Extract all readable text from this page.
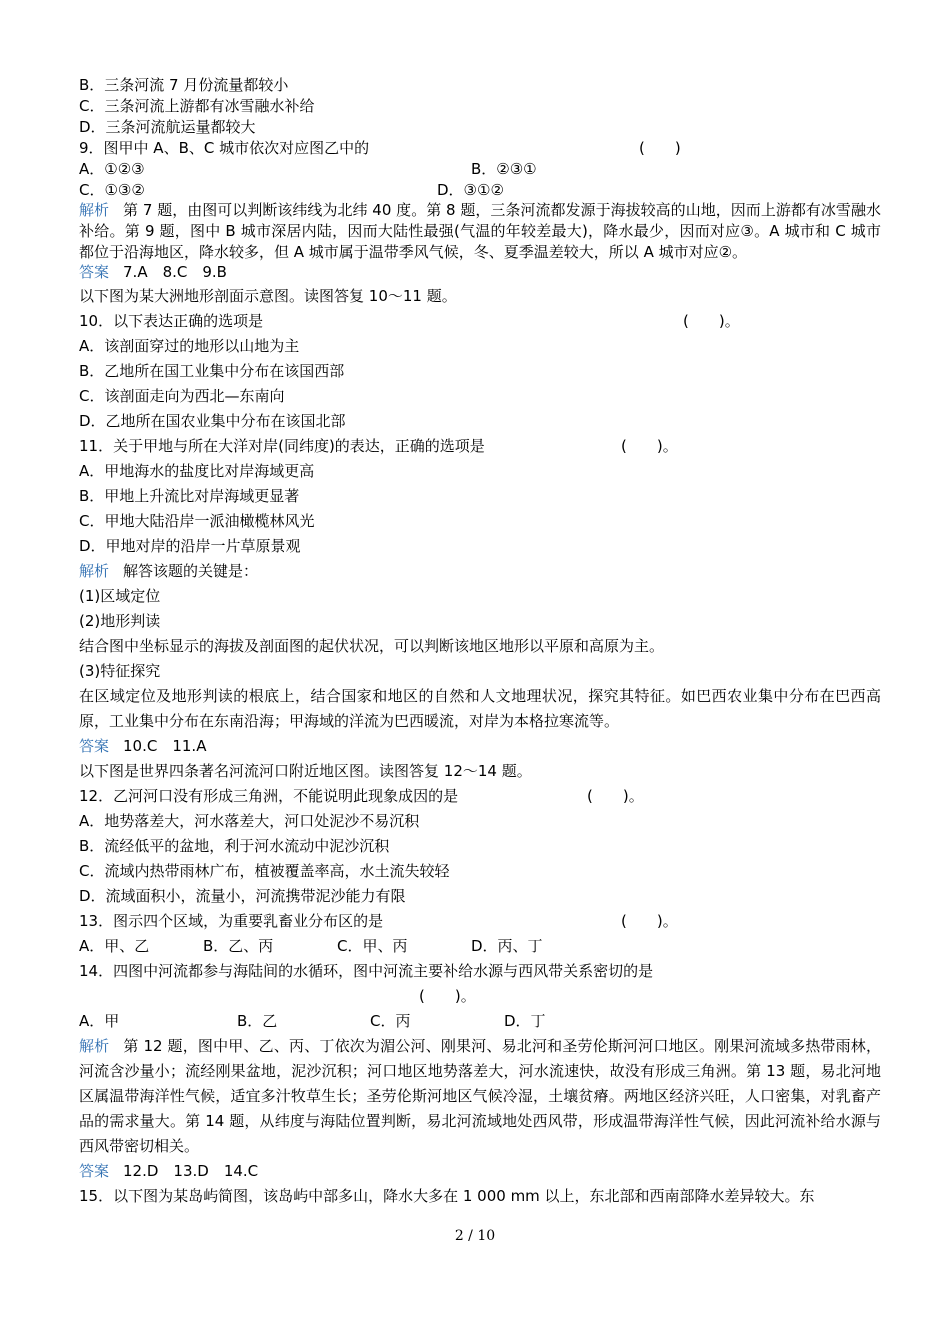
B．三条河流 7 月份流量都较小
C．三条河流上游都有冰雪融水补给
D．三条河流航运量都较大
9．图甲中 A、B、C 城市依次对应图乙中的	(　　)
A．①②③	B．②③①
C．①③②	D．③①②
解析 第 7 题，由图可以判断该纬线为北纬 40 度。第 8 题，三条河流都发源于海拔较高的山地，因而上游都有冰雪融水补给。第 9 题，图中 B 城市深居内陆，因而大陆性最强(气温的年较差最大)，降水最少，因而对应③。A 城市和 C 城市都位于沿海地区，降水较多，但 A 城市属于温带季风气候，冬、夏季温差较大，所以 A 城市对应②。
答案 7.A　8.C　9.B
以下图为某大洲地形剖面示意图。读图答复 10～11 题。
10．以下表达正确的选项是	(　　)。
A．该剖面穿过的地形以山地为主
B．乙地所在国工业集中分布在该国西部
C．该剖面走向为西北—东南向
D．乙地所在国农业集中分布在该国北部
11．关于甲地与所在大洋对岸(同纬度)的表达，正确的选项是	(　　)。
A．甲地海水的盐度比对岸海域更高
B．甲地上升流比对岸海域更显著
C．甲地大陆沿岸一派油橄榄林风光
D．甲地对岸的沿岸一片草原景观
解析 解答该题的关键是：
(1)区域定位
(2)地形判读
结合图中坐标显示的海拔及剖面图的起伏状况，可以判断该地区地形以平原和高原为主。
(3)特征探究
在区域定位及地形判读的根底上，结合国家和地区的自然和人文地理状况，探究其特征。如巴西农业集中分布在巴西高原，工业集中分布在东南沿海；甲海域的洋流为巴西暖流，对岸为本格拉寒流等。
答案 10.C　11.A
以下图是世界四条著名河流河口附近地区图。读图答复 12～14 题。
12．乙河河口没有形成三角洲，不能说明此现象成因的是	(　　)。
A．地势落差大，河水落差大，河口处泥沙不易沉积
B．流经低平的盆地，利于河水流动中泥沙沉积
C．流域内热带雨林广布，植被覆盖率高，水土流失较轻
D．流域面积小，流量小，河流携带泥沙能力有限
13．图示四个区域，为重要乳畜业分布区的是	(　　)。
A．甲、乙	B．乙、丙	C．甲、丙	D．丙、丁
14．四图中河流都参与海陆间的水循环，图中河流主要补给水源与西风带关系密切的是
(　　)。
A．甲	B．乙	C．丙	D．丁
解析 第 12 题，图中甲、乙、丙、丁依次为湄公河、刚果河、易北河和圣劳伦斯河河口地区。刚果河流域多热带雨林，河流含沙量小；流经刚果盆地，泥沙沉积；河口地区地势落差大，河水流速快，故没有形成三角洲。第 13 题，易北河地区属温带海洋性气候，适宜多汁牧草生长；圣劳伦斯河地区气候冷湿，土壤贫瘠。两地区经济兴旺，人口密集，对乳畜产品的需求量大。第 14 题，从纬度与海陆位置判断，易北河流域地处西风带，形成温带海洋性气候，因此河流补给水源与西风带密切相关。
答案 12.D　13.D　14.C
15．以下图为某岛屿简图，该岛屿中部多山，降水大多在 1 000 mm 以上，东北部和西南部降水差异较大。东
2 / 10
